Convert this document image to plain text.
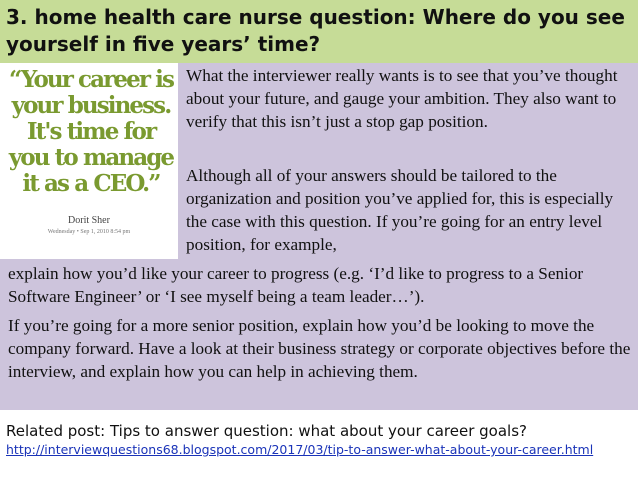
3. home health care nurse question: Where do you see yourself in five years’ time?
“Your career is your business. It's time for you to manage it as a CEO.”
Dorit Sher
Wednesday • Sep 1, 2010 8:54 pm

What the interviewer really wants is to see that you’ve thought about your future, and gauge your ambition. They also want to verify that this isn’t just a stop gap position.

Although all of your answers should be tailored to the organization and position you’ve applied for, this is especially the case with this question. If you’re going for an entry level position, for example,

explain how you’d like your career to progress (e.g. ‘I’d like to progress to a Senior Software Engineer’ or ‘I see myself being a team leader…’).

If you’re going for a more senior position, explain how you’d be looking to move the company forward. Have a look at their business strategy or corporate objectives before the interview, and explain how you can help in achieving them.

Related post: Tips to answer question: what about your career goals?
http://interviewquestions68.blogspot.com/2017/03/tip-to-answer-what-about-your-career.html
